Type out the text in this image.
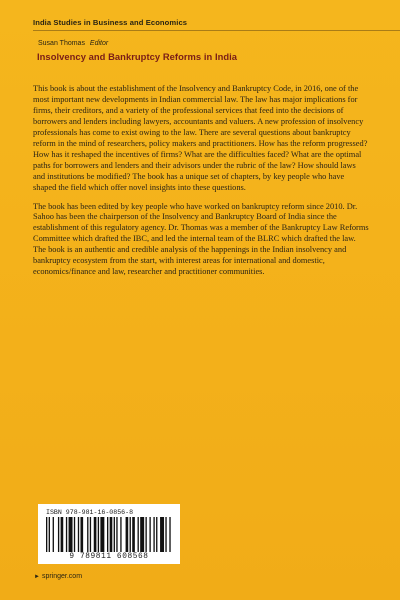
India Studies in Business and Economics
Susan Thomas Editor
Insolvency and Bankruptcy Reforms in India

This book is about the establishment of the Insolvency and Bankruptcy Code, in 2016, one of the most important new developments in Indian commercial law. The law has major implications for firms, their creditors, and a variety of the professional services that feed into the decisions of borrowers and lenders including lawyers, accountants and valuers. A new profession of insolvency professionals has come to exist owing to the law. There are several questions about bankruptcy reform in the mind of researchers, policy makers and practitioners. How has the reform progressed? How has it reshaped the incentives of firms? What are the difficulties faced? What are the optimal paths for borrowers and lenders and their advisors under the rubric of the law? How should laws and institutions be modified? The book has a unique set of chapters, by key people who have shaped the field which offer novel insights into these questions.

The book has been edited by key people who have worked on bankruptcy reform since 2010. Dr. Sahoo has been the chairperson of the Insolvency and Bankruptcy Board of India since the establishment of this regulatory agency. Dr. Thomas was a member of the Bankruptcy Law Reforms Committee which drafted the IBC, and led the internal team of the BLRC which drafted the law. The book is an authentic and credible analysis of the happenings in the Indian insolvency and bankruptcy ecosystem from the start, with interest areas for international and domestic, economics/finance and law, researcher and practitioner communities.

ISBN 978-981-16-0856-8
9 789811 608568
► springer.com
